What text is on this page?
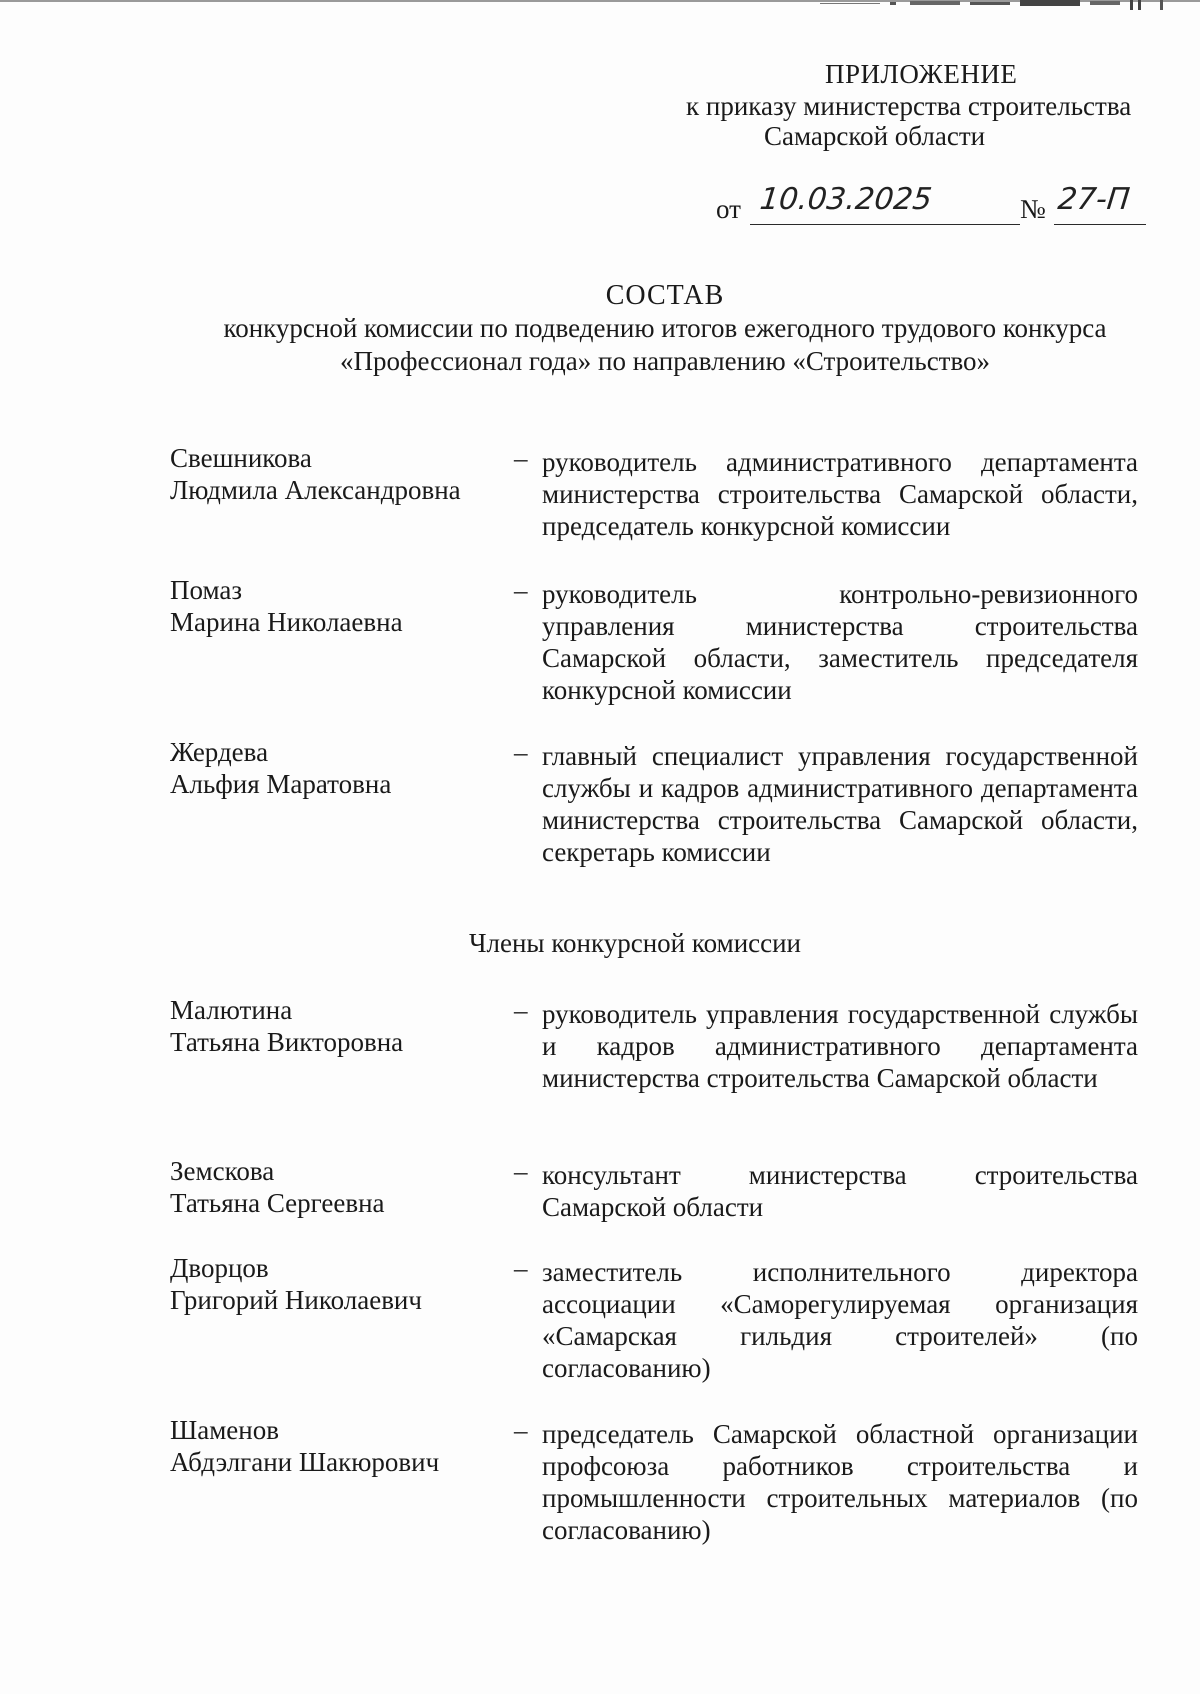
ПРИЛОЖЕНИЕ
к приказу министерства строительства
Самарской области
от 10.03.2025	№ 27-П
СОСТАВ
конкурсной комиссии по подведению итогов ежегодного трудового конкурса
«Профессионал года» по направлению «Строительство»
Свешникова
Людмила Александровна
– руководитель административного департамента министерства строительства Самарской области, председатель конкурсной комиссии
Помаз
Марина Николаевна
– руководитель контрольно-ревизионного управления министерства строительства Самарской области, заместитель председателя конкурсной комиссии
Жердева
Альфия Маратовна
– главный специалист управления государственной службы и кадров административного департамента министерства строительства Самарской области, секретарь комиссии
Члены конкурсной комиссии
Малютина
Татьяна Викторовна
– руководитель управления государственной службы и кадров административного департамента министерства строительства Самарской области
Земскова
Татьяна Сергеевна
– консультант министерства строительства Самарской области
Дворцов
Григорий Николаевич
– заместитель исполнительного директора ассоциации «Саморегулируемая организация «Самарская гильдия строителей» (по согласованию)
Шаменов
Абдэлгани Шакюрович
– председатель Самарской областной организации профсоюза работников строительства и промышленности строительных материалов (по согласованию)
